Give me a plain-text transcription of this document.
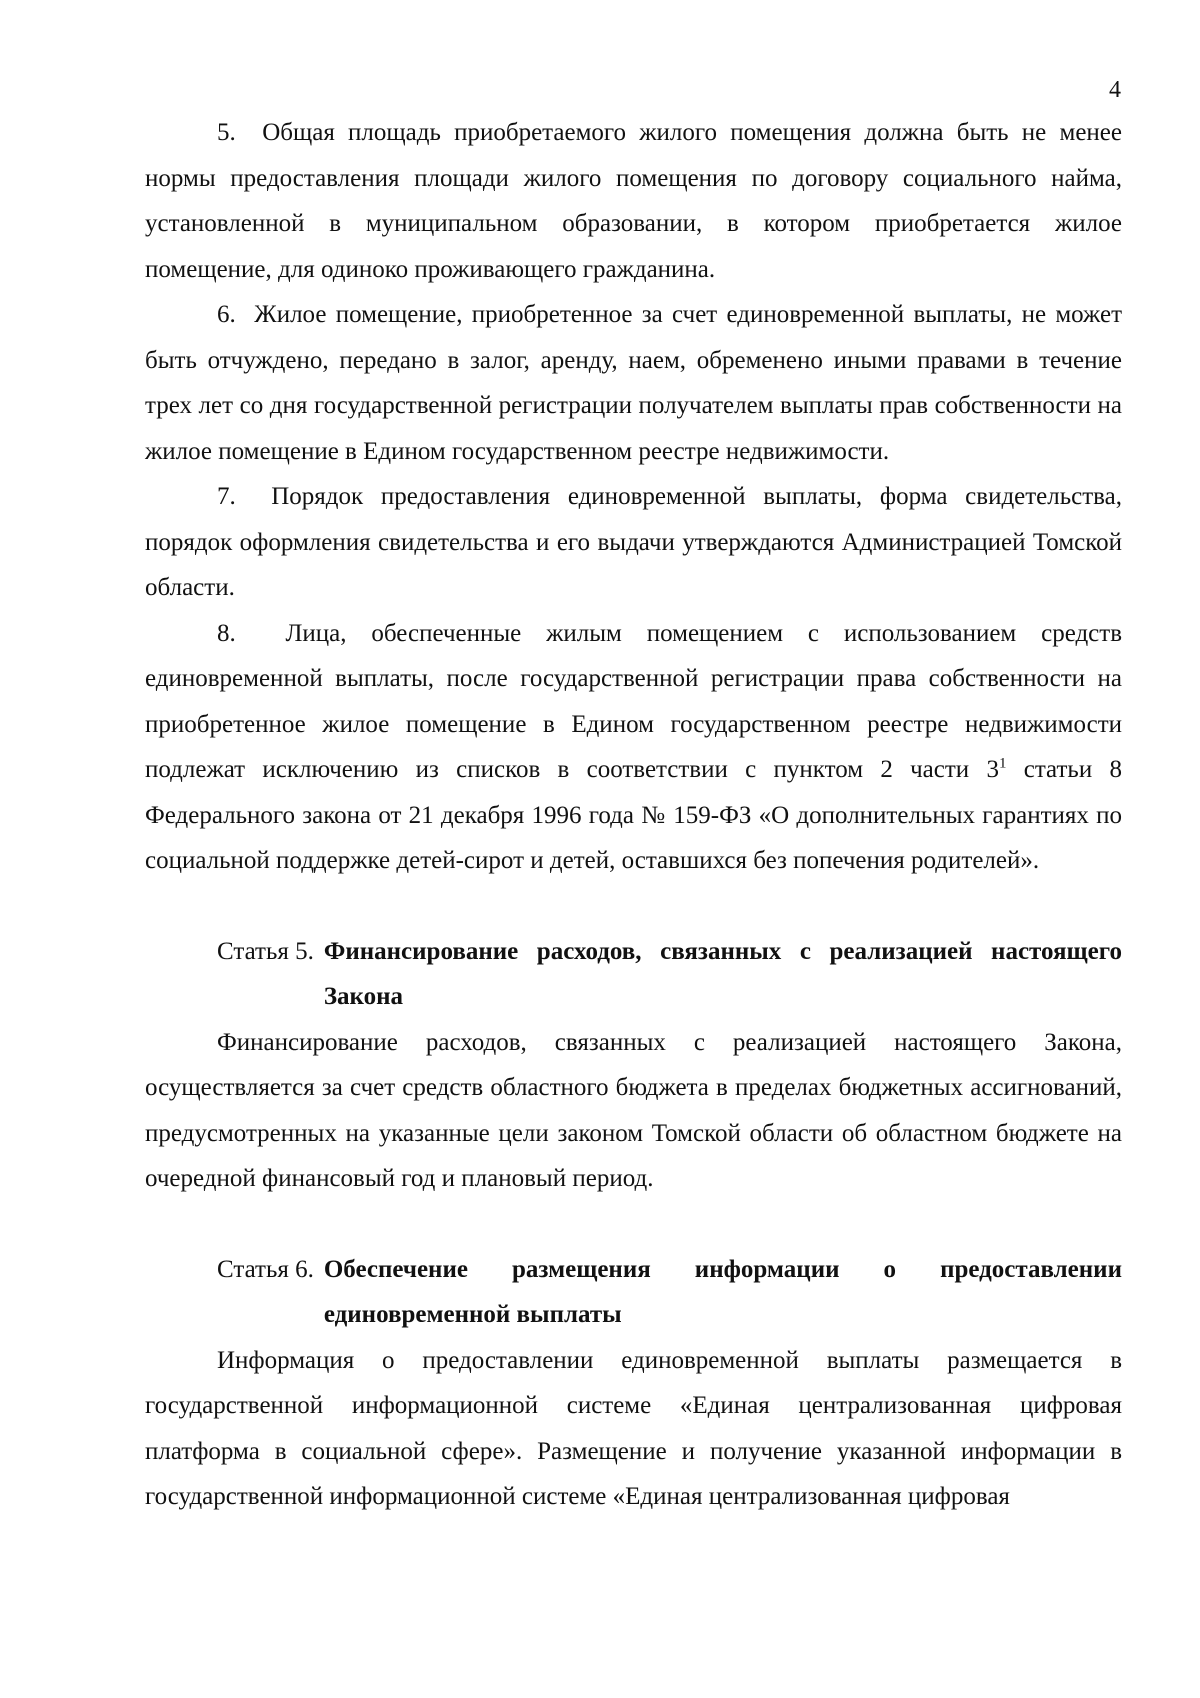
4

5. Общая площадь приобретаемого жилого помещения должна быть не менее нормы предоставления площади жилого помещения по договору социального найма, установленной в муниципальном образовании, в котором приобретается жилое помещение, для одиноко проживающего гражданина.

6. Жилое помещение, приобретенное за счет единовременной выплаты, не может быть отчуждено, передано в залог, аренду, наем, обременено иными правами в течение трех лет со дня государственной регистрации получателем выплаты прав собственности на жилое помещение в Едином государственном реестре недвижимости.

7. Порядок предоставления единовременной выплаты, форма свидетельства, порядок оформления свидетельства и его выдачи утверждаются Администрацией Томской области.

8. Лица, обеспеченные жилым помещением с использованием средств единовременной выплаты, после государственной регистрации права собственности на приобретенное жилое помещение в Едином государственном реестре недвижимости подлежат исключению из списков в соответствии с пунктом 2 части $3^1$ статьи 8 Федерального закона от 21 декабря 1996 года № 159-ФЗ «О дополнительных гарантиях по социальной поддержке детей-сирот и детей, оставшихся без попечения родителей».

Статья 5. Финансирование расходов, связанных с реализацией настоящего Закона

Финансирование расходов, связанных с реализацией настоящего Закона, осуществляется за счет средств областного бюджета в пределах бюджетных ассигнований, предусмотренных на указанные цели законом Томской области об областном бюджете на очередной финансовый год и плановый период.

Статья 6. Обеспечение размещения информации о предоставлении единовременной выплаты

Информация о предоставлении единовременной выплаты размещается в государственной информационной системе «Единая централизованная цифровая платформа в социальной сфере». Размещение и получение указанной информации в государственной информационной системе «Единая централизованная цифровая
